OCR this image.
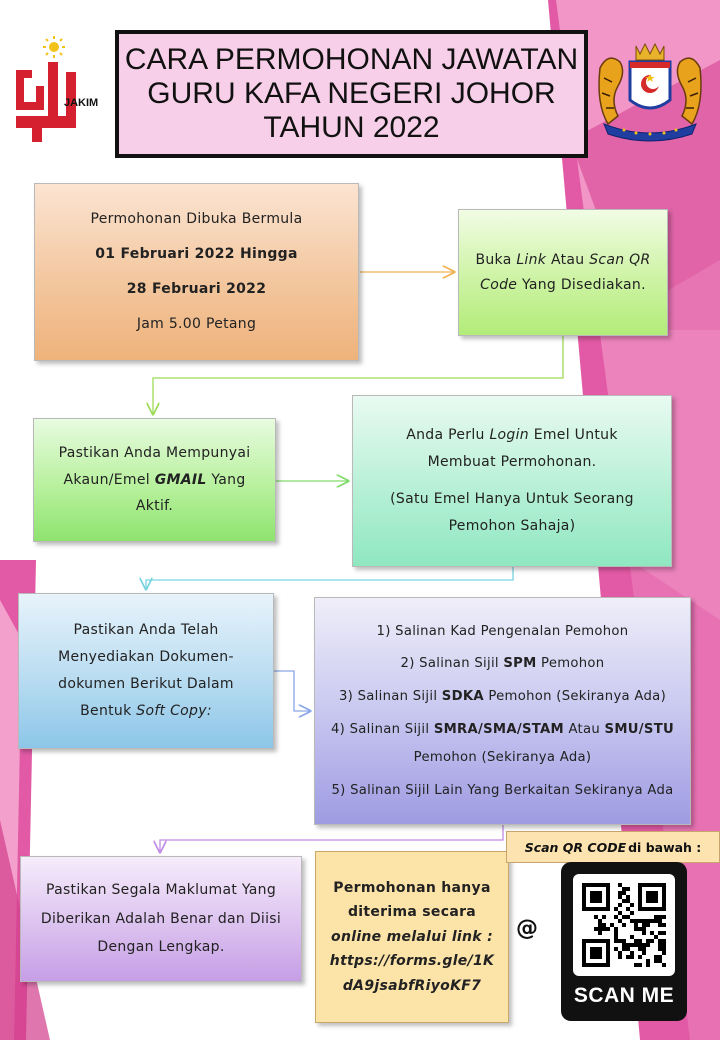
JAKIM
CARA PERMOHONAN JAWATAN
GURU KAFA NEGERI JOHOR
TAHUN 2022

Permohonan Dibuka Bermula

01 Februari 2022 Hingga

28 Februari 2022

Jam 5.00 Petang

Buka Link Atau Scan QR
Code Yang Disediakan.
Pastikan Anda Mempunyai
Akaun/Emel GMAIL Yang
Aktif.
Anda Perlu Login Emel Untuk
Membuat Permohonan.
(Satu Emel Hanya Untuk Seorang
Pemohon Sahaja)
Pastikan Anda Telah
Menyediakan Dokumen-
dokumen Berikut Dalam
Bentuk Soft Copy:
1) Salinan Kad Pengenalan Pemohon
2) Salinan Sijil SPM Pemohon
3) Salinan Sijil SDKA Pemohon (Sekiranya Ada)
4) Salinan Sijil SMRA/SMA/STAM Atau SMU/STU
Pemohon (Sekiranya Ada)
5) Salinan Sijil Lain Yang Berkaitan Sekiranya Ada
Pastikan Segala Maklumat Yang
Diberikan Adalah Benar dan Diisi
Dengan Lengkap.
Permohonan hanya
diterima secara
online melalui link :
https://forms.gle/1K
dA9jsabfRiyoKF7
Scan QR CODE di bawah :
@
SCAN ME
